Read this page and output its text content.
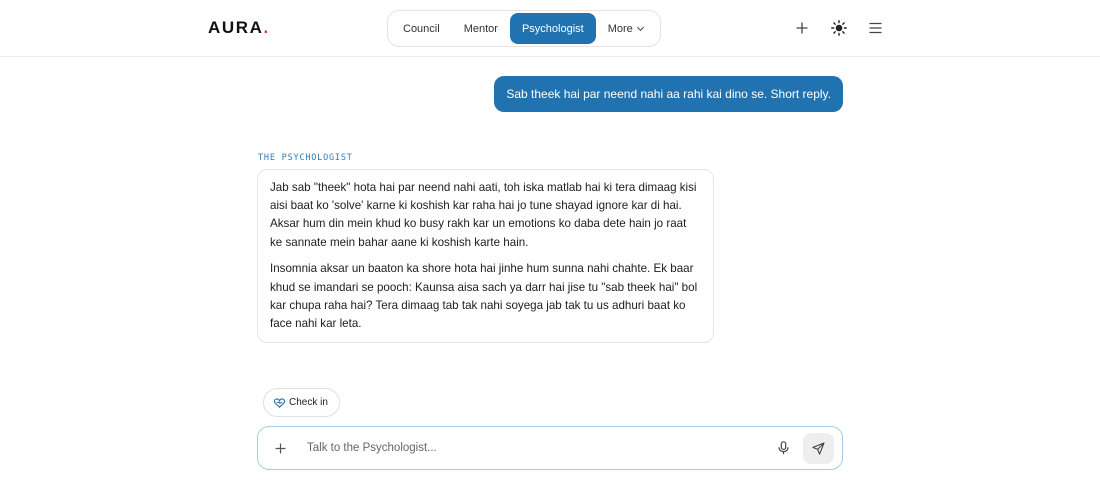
AURA.	Council Mentor Psychologist More
Sab theek hai par neend nahi aa rahi kai dino se. Short reply.
THE PSYCHOLOGIST

Jab sab "theek" hota hai par neend nahi aati, toh iska matlab hai ki tera dimaag kisi aisi baat ko 'solve' karne ki koshish kar raha hai jo tune shayad ignore kar di hai. Aksar hum din mein khud ko busy rakh kar un emotions ko daba dete hain jo raat ke sannate mein bahar aane ki koshish karte hain.

Insomnia aksar un baaton ka shore hota hai jinhe hum sunna nahi chahte. Ek baar khud se imandari se pooch: Kaunsa aisa sach ya darr hai jise tu "sab theek hai" bol kar chupa raha hai? Tera dimaag tab tak nahi soyega jab tak tu us adhuri baat ko face nahi kar leta.

Check in
Talk to the Psychologist...
